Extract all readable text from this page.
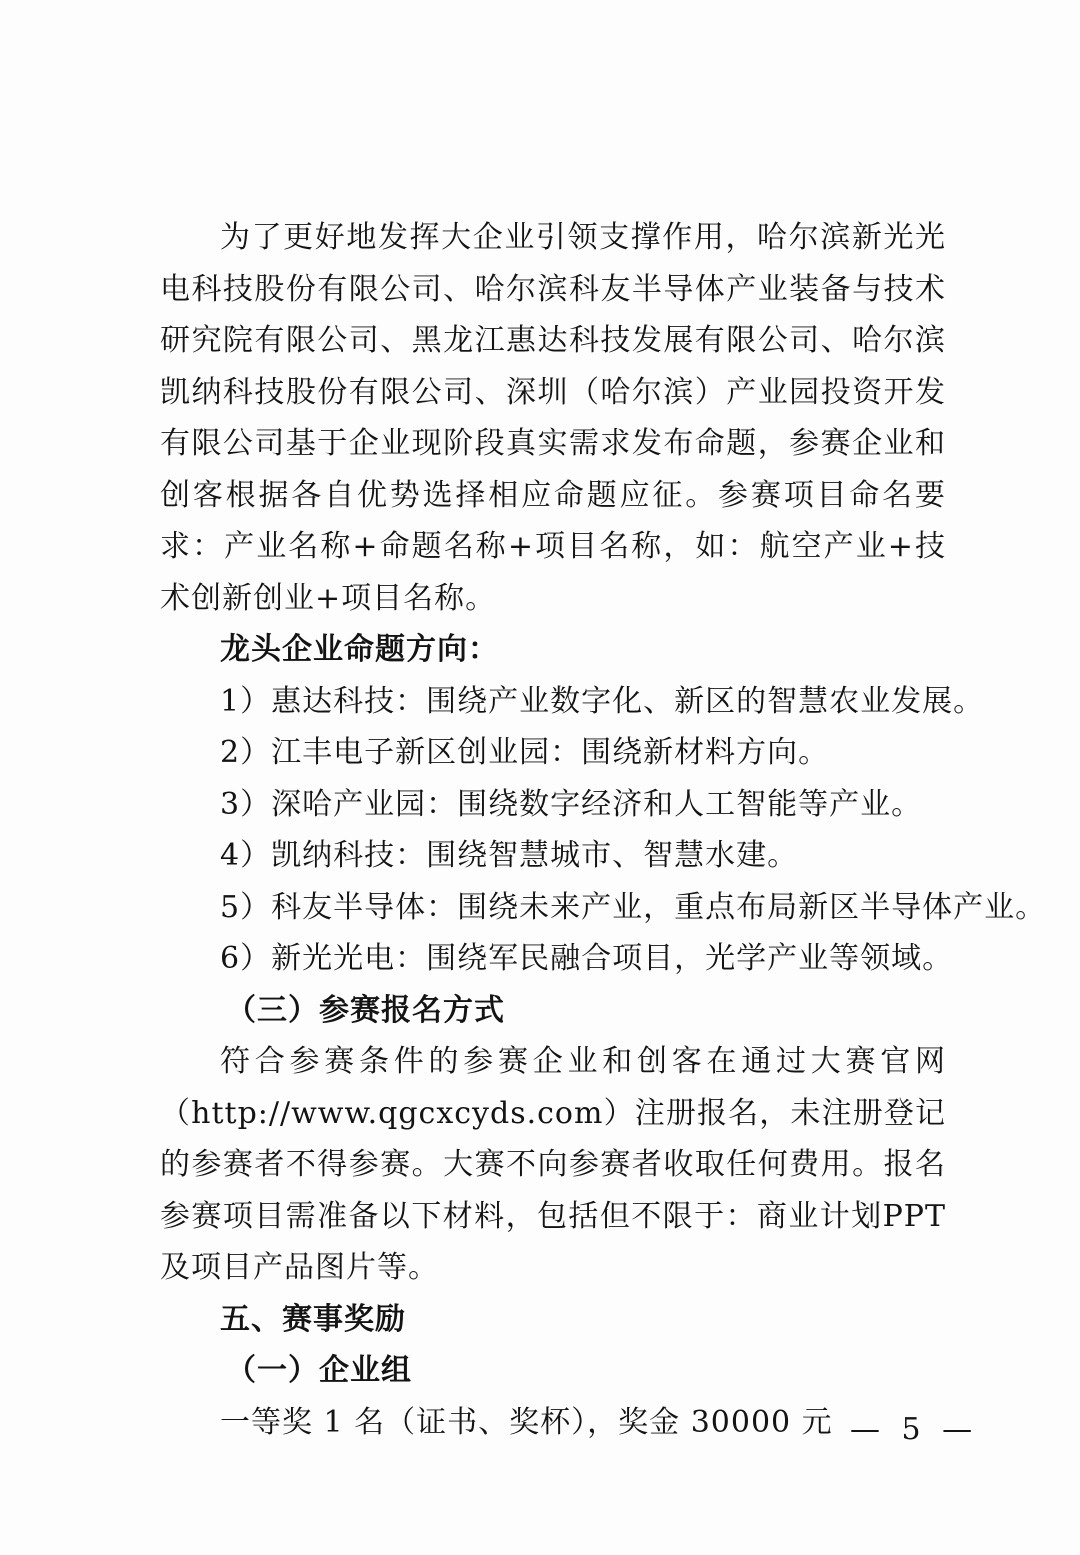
为了更好地发挥大企业引领支撑作用，哈尔滨新光光电科技股份有限公司、哈尔滨科友半导体产业装备与技术研究院有限公司、黑龙江惠达科技发展有限公司、哈尔滨凯纳科技股份有限公司、深圳（哈尔滨）产业园投资开发有限公司基于企业现阶段真实需求发布命题，参赛企业和创客根据各自优势选择相应命题应征。参赛项目命名要求：产业名称+命题名称+项目名称，如：航空产业+技术创新创业+项目名称。

龙头企业命题方向：

1）惠达科技：围绕产业数字化、新区的智慧农业发展。

2）江丰电子新区创业园：围绕新材料方向。

3）深哈产业园：围绕数字经济和人工智能等产业。

4）凯纳科技：围绕智慧城市、智慧水建。

5）科友半导体：围绕未来产业，重点布局新区半导体产业。

6）新光光电：围绕军民融合项目，光学产业等领域。

（三）参赛报名方式

符合参赛条件的参赛企业和创客在通过大赛官网（http://www.qgcxcyds.com）注册报名，未注册登记的参赛者不得参赛。大赛不向参赛者收取任何费用。报名参赛项目需准备以下材料，包括但不限于：商业计划PPT及项目产品图片等。

五、赛事奖励

（一）企业组

一等奖 1 名（证书、奖杯），奖金 30000 元 — 5 —
